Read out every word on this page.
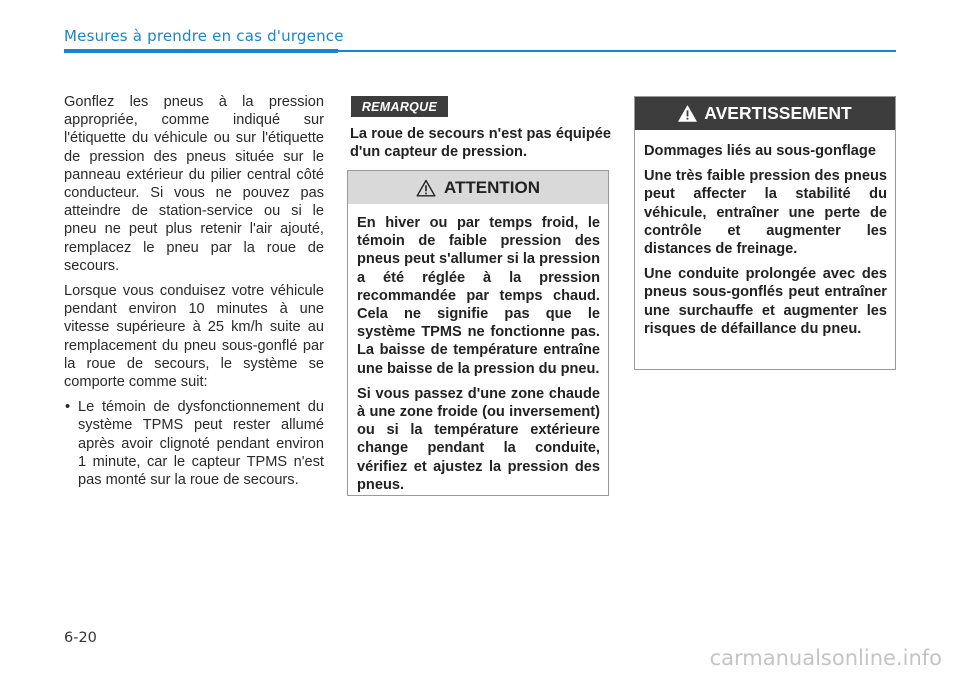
Mesures à prendre en cas d'urgence

Gonflez les pneus à la pression appropriée, comme indiqué sur l'étiquette du véhicule ou sur l'étiquette de pression des pneus située sur le panneau extérieur du pilier central côté conducteur. Si vous ne pouvez pas atteindre de station-service ou si le pneu ne peut plus retenir l'air ajouté, remplacez le pneu par la roue de secours.

Lorsque vous conduisez votre véhicule pendant environ 10 minutes à une vitesse supérieure à 25 km/h suite au remplacement du pneu sous-gonflé par la roue de secours, le système se comporte comme suit:

• Le témoin de dysfonctionnement du système TPMS peut rester allumé après avoir clignoté pendant environ 1 minute, car le capteur TPMS n'est pas monté sur la roue de secours.
REMARQUE

La roue de secours n'est pas équipée d'un capteur de pression.

ATTENTION

En hiver ou par temps froid, le témoin de faible pression des pneus peut s'allumer si la pression a été réglée à la pression recommandée par temps chaud. Cela ne signifie pas que le système TPMS ne fonctionne pas. La baisse de température entraîne une baisse de la pression du pneu.

Si vous passez d'une zone chaude à une zone froide (ou inversement) ou si la température extérieure change pendant la conduite, vérifiez et ajustez la pression des pneus.

AVERTISSEMENT

Dommages liés au sous-gonflage

Une très faible pression des pneus peut affecter la stabilité du véhicule, entraîner une perte de contrôle et augmenter les distances de freinage.

Une conduite prolongée avec des pneus sous-gonflés peut entraîner une surchauffe et augmenter les risques de défaillance du pneu.

6-20
carmanualsonline.info
